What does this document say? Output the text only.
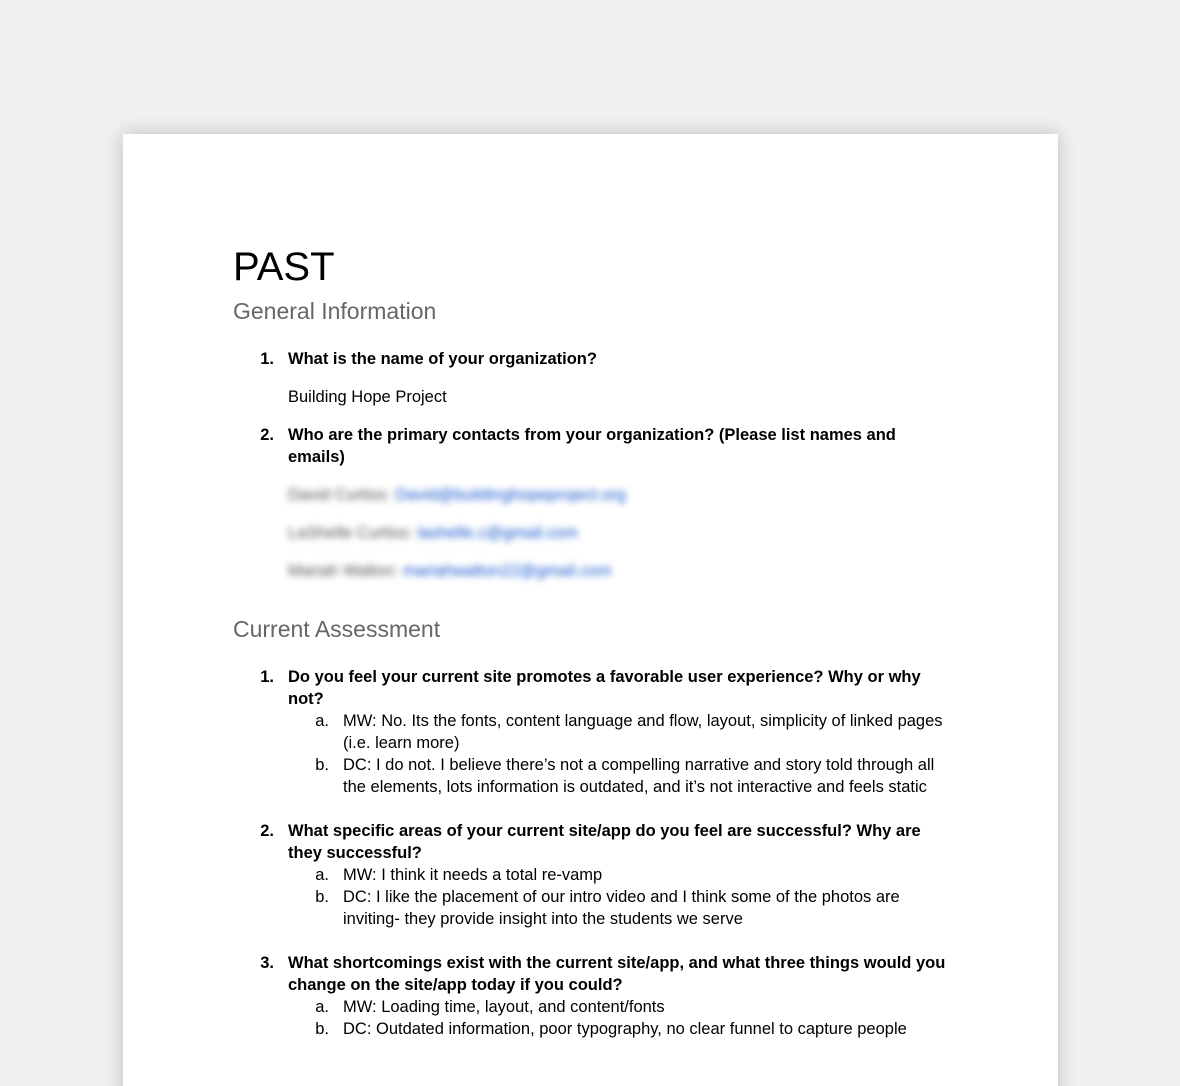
PAST
General Information
1. What is the name of your organization?
Building Hope Project
2. Who are the primary contacts from your organization? (Please list names and emails)
David Curtiss: David@buildinghopeproject.org
LaShelle Curtiss: lashelle.c@gmail.com
Mariah Walton: mariahwalton22@gmail.com
Current Assessment
1. Do you feel your current site promotes a favorable user experience? Why or why not?
a. MW: No. Its the fonts, content language and flow, layout, simplicity of linked pages (i.e. learn more)
b. DC: I do not. I believe there’s not a compelling narrative and story told through all the elements, lots information is outdated, and it’s not interactive and feels static
2. What specific areas of your current site/app do you feel are successful? Why are they successful?
a. MW: I think it needs a total re-vamp
b. DC: I like the placement of our intro video and I think some of the photos are inviting- they provide insight into the students we serve
3. What shortcomings exist with the current site/app, and what three things would you change on the site/app today if you could?
a. MW: Loading time, layout, and content/fonts
b. DC: Outdated information, poor typography, no clear funnel to capture people
